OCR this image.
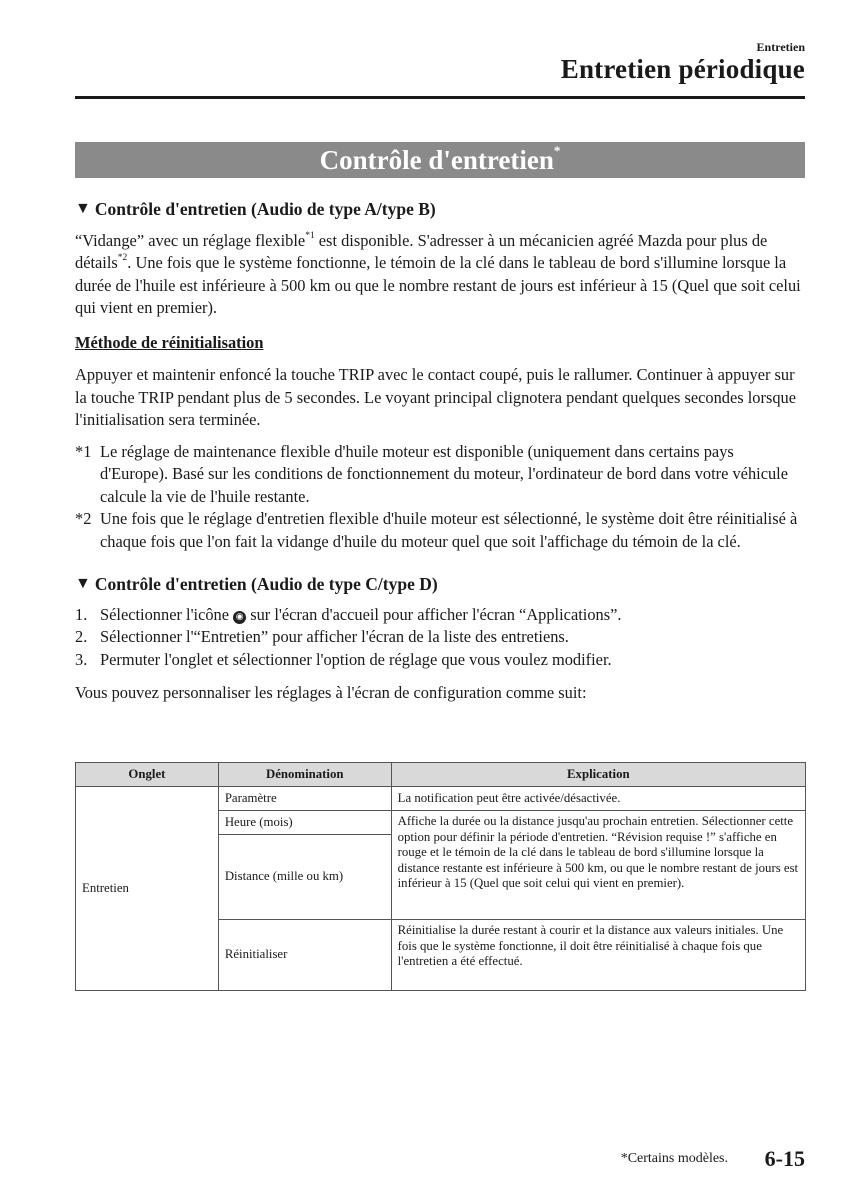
Entretien
Entretien périodique
Contrôle d'entretien*
▼ Contrôle d'entretien (Audio de type A/type B)

“Vidange” avec un réglage flexible$^{*1}$ est disponible. S'adresser à un mécanicien agréé Mazda pour plus de détails$^{*2}$. Une fois que le système fonctionne, le témoin de la clé dans le tableau de bord s'illumine lorsque la durée de l'huile est inférieure à 500 km ou que le nombre restant de jours est inférieur à 15 (Quel que soit celui qui vient en premier).

Méthode de réinitialisation

Appuyer et maintenir enfoncé la touche TRIP avec le contact coupé, puis le rallumer. Continuer à appuyer sur la touche TRIP pendant plus de 5 secondes. Le voyant principal clignotera pendant quelques secondes lorsque l'initialisation sera terminée.

*1 Le réglage de maintenance flexible d'huile moteur est disponible (uniquement dans certains pays d'Europe). Basé sur les conditions de fonctionnement du moteur, l'ordinateur de bord dans votre véhicule calcule la vie de l'huile restante.
*2 Une fois que le réglage d'entretien flexible d'huile moteur est sélectionné, le système doit être réinitialisé à chaque fois que l'on fait la vidange d'huile du moteur quel que soit l'affichage du témoin de la clé.
▼ Contrôle d'entretien (Audio de type C/type D)
1. Sélectionner l'icône ◉ sur l'écran d'accueil pour afficher l'écran “Applications”.
2. Sélectionner l'“Entretien” pour afficher l'écran de la liste des entretiens.
3. Permuter l'onglet et sélectionner l'option de réglage que vous voulez modifier.

Vous pouvez personnaliser les réglages à l'écran de configuration comme suit:

Onglet	Dénomination	Explication
Entretien	Paramètre	La notification peut être activée/désactivée.
	Heure (mois)	Affiche la durée ou la distance jusqu'au prochain entretien. Sélectionner cette option pour définir la période d'entretien. “Révision requise !” s'affiche en rouge et le témoin de la clé dans le tableau de bord s'illumine lorsque la distance restante est inférieure à 500 km, ou que le nombre restant de jours est inférieur à 15 (Quel que soit celui qui vient en premier).
	Distance (mille ou km)	
	Réinitialiser	Réinitialise la durée restant à courir et la distance aux valeurs initiales. Une fois que le système fonctionne, il doit être réinitialisé à chaque fois que l'entretien a été effectué.
*Certains modèles. 6-15
